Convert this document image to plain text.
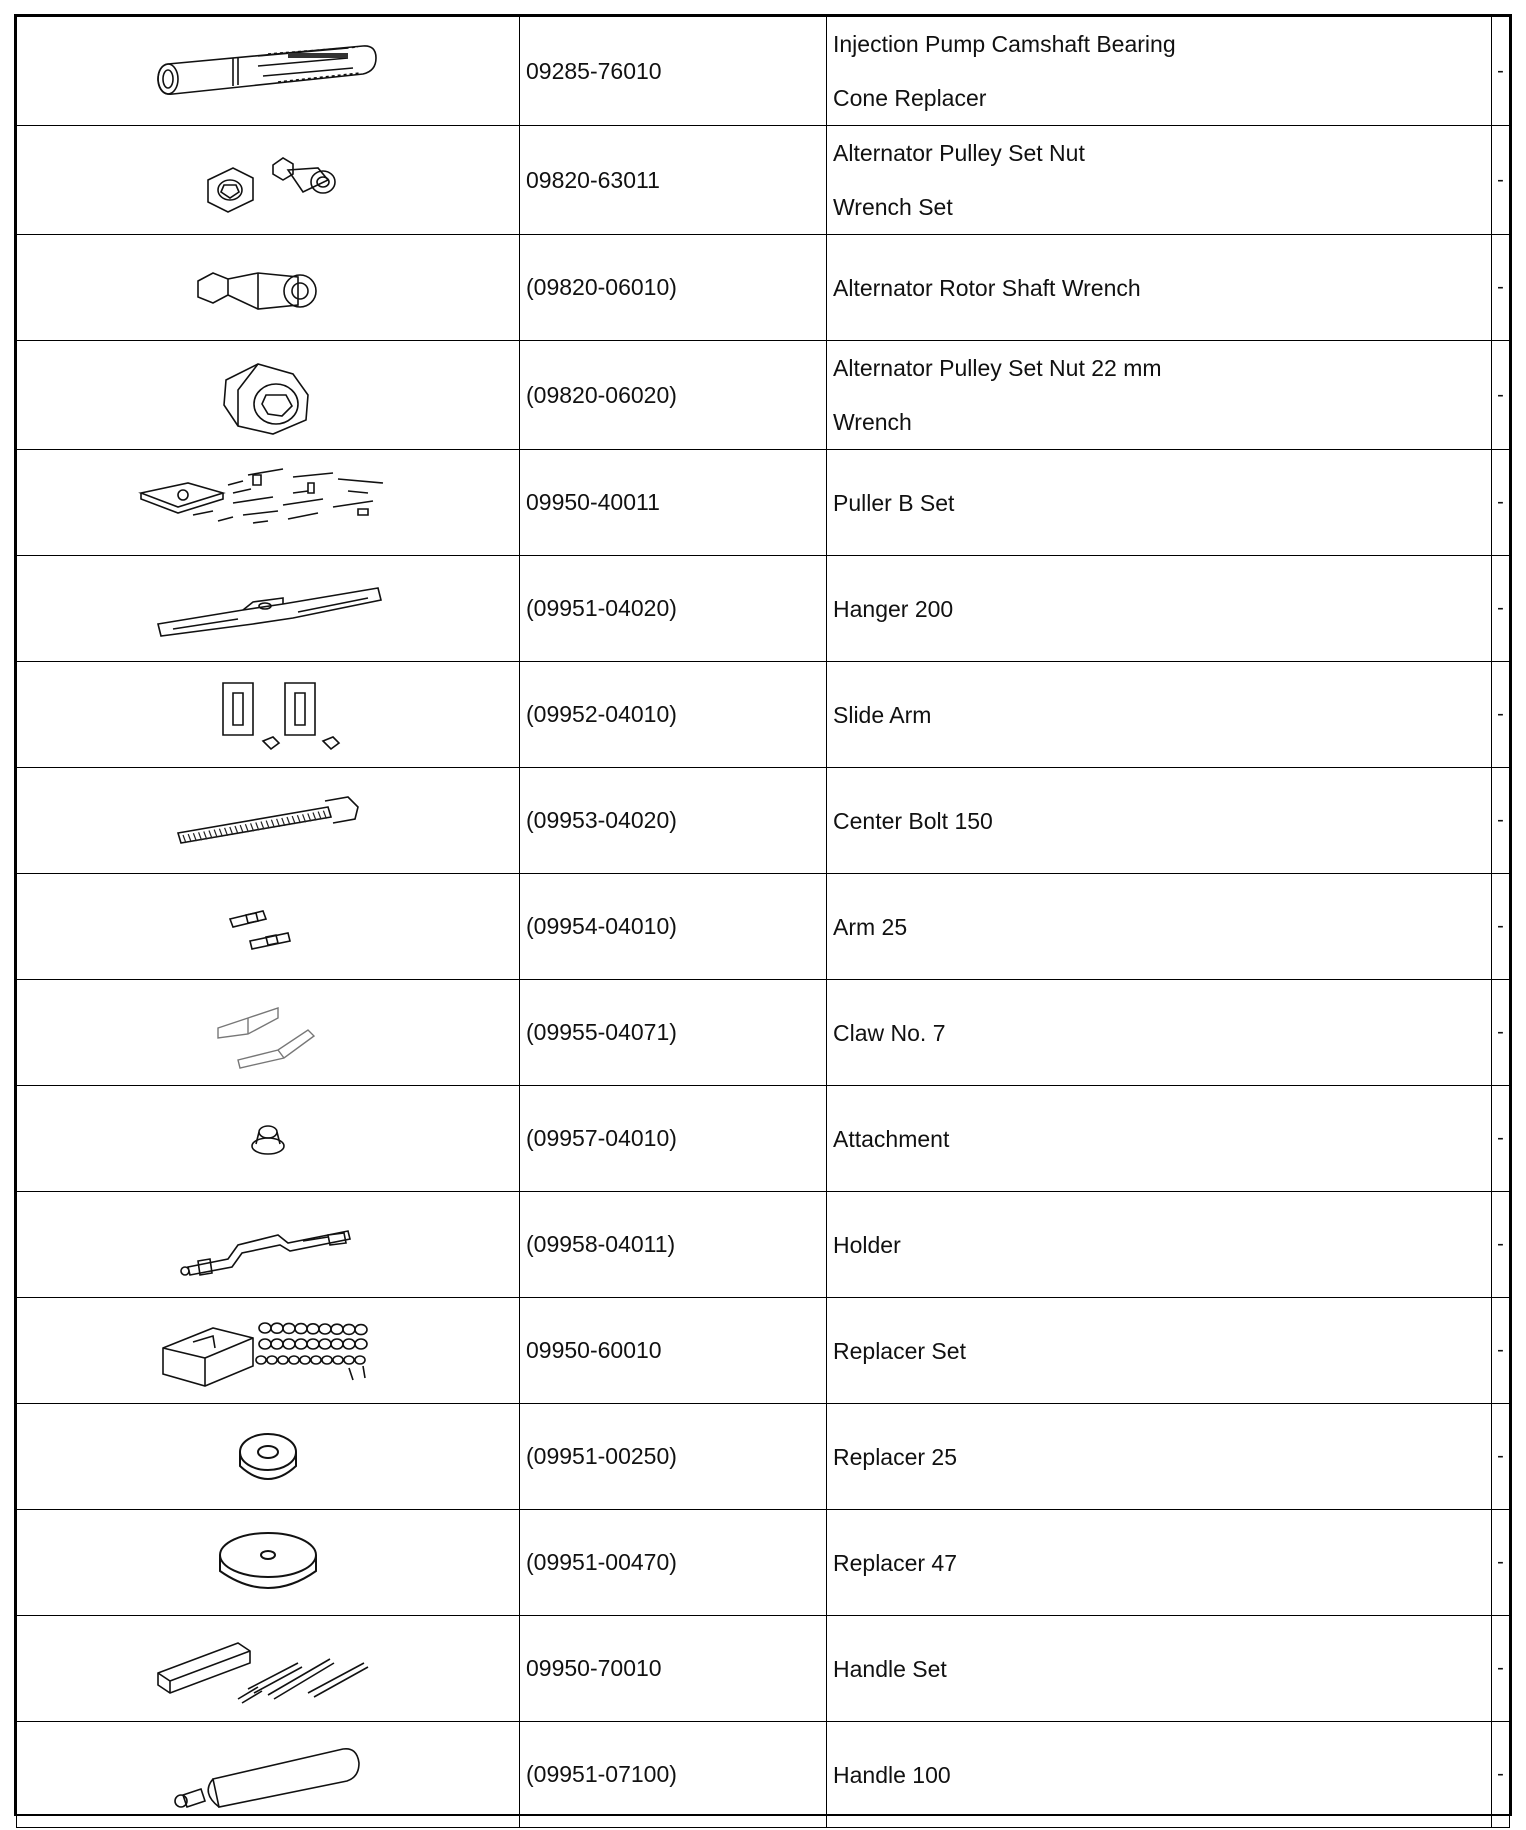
	09285-76010	Injection Pump Camshaft Bearing
Cone Replacer	-

	09820-63011	Alternator Pulley Set Nut
Wrench Set	-

	(09820-06010)	Alternator Rotor Shaft Wrench	-

	(09820-06020)	Alternator Pulley Set Nut 22 mm
Wrench	-

	09950-40011	Puller B Set	-

	(09951-04020)	Hanger 200	-

	(09952-04010)	Slide Arm	-

	(09953-04020)	Center Bolt 150	-

	(09954-04010)	Arm 25	-

	(09955-04071)	Claw No. 7	-

	(09957-04010)	Attachment	-

	(09958-04011)	Holder	-

	09950-60010	Replacer Set	-

	(09951-00250)	Replacer 25	-

	(09951-00470)	Replacer 47	-

	09950-70010	Handle Set	-

	(09951-07100)	Handle 100	-
